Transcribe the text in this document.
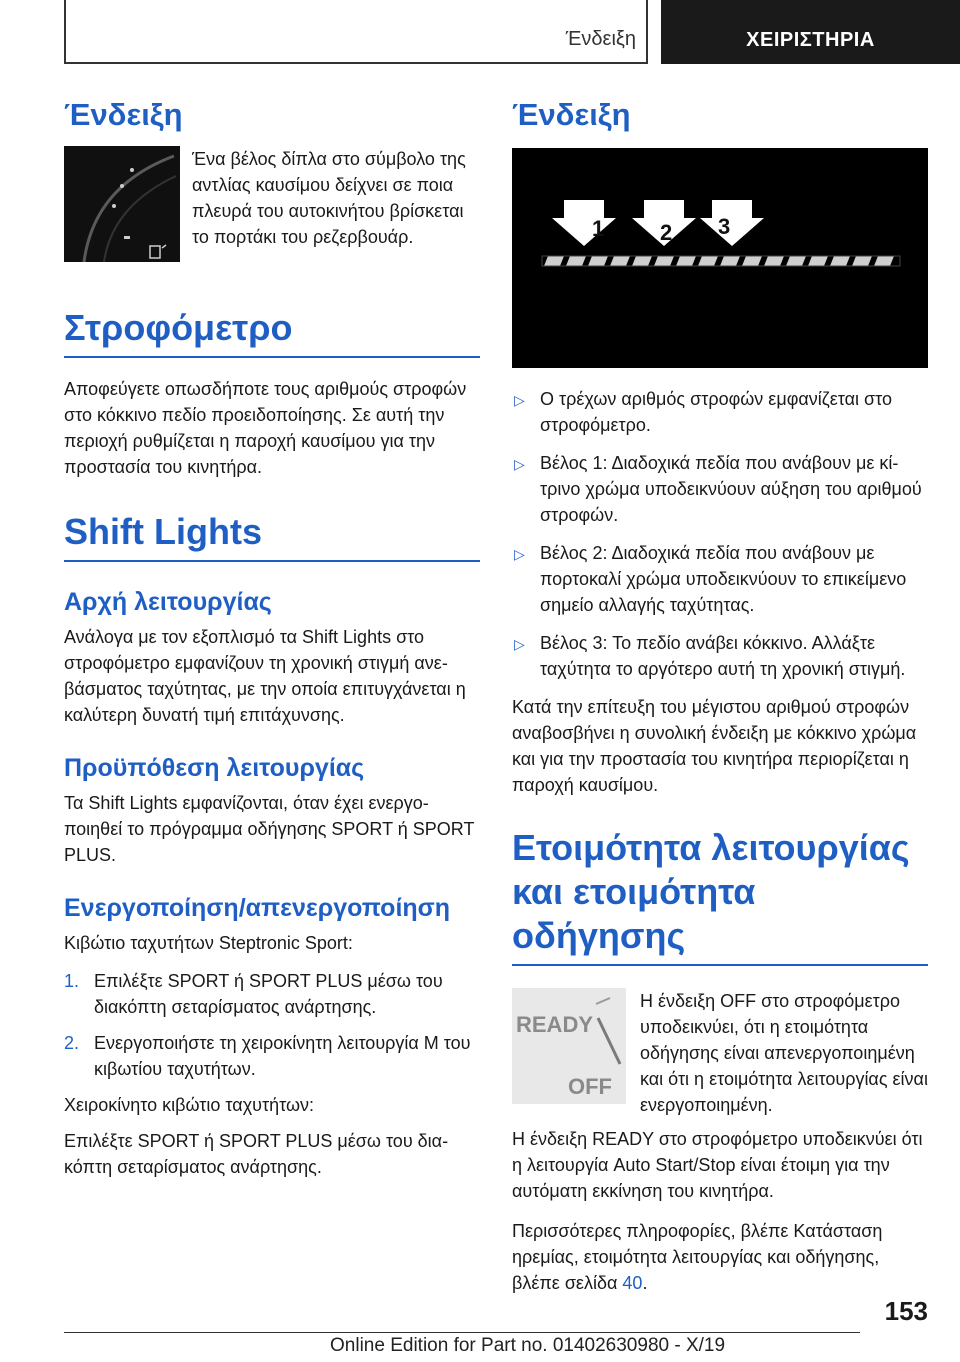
Ένδειξη	ΧΕΙΡΙΣΤΗΡΙΑ
Ένδειξη

Ένα βέλος δίπλα στο σύμβολο της αντλίας καυσίμου δείχνει σε ποια πλευρά του αυτοκινήτου βρίσκεται το πορτάκι του ρεζερβουάρ.

Στροφόμετρο

Αποφεύγετε οπωσδήποτε τους αριθμούς στροφών στο κόκκινο πεδίο προειδοποίησης. Σε αυτή την περιοχή ρυθμίζεται η παροχή καυσίμου για την προστασία του κινητήρα.

Shift Lights
Αρχή λειτουργίας

Ανάλογα με τον εξοπλισμό τα Shift Lights στο στροφόμετρο εμφανίζουν τη χρονική στιγμή ανεβάσματος ταχύτητας, με την οποία επιτυγχάνεται η καλύτερη δυνατή τιμή επιτάχυνσης.

Προϋπόθεση λειτουργίας

Τα Shift Lights εμφανίζονται, όταν έχει ενεργοποιηθεί το πρόγραμμα οδήγησης SPORT ή SPORT PLUS.

Ενεργοποίηση/απενεργοποίηση

Κιβώτιο ταχυτήτων Steptronic Sport:

1. Επιλέξτε SPORT ή SPORT PLUS μέσω του διακόπτη σεταρίσματος ανάρτησης.
2. Ενεργοποιήστε τη χειροκίνητη λειτουργία M του κιβωτίου ταχυτήτων.

Χειροκίνητο κιβώτιο ταχυτήτων:

Επιλέξτε SPORT ή SPORT PLUS μέσω του διακόπτη σεταρίσματος ανάρτησης.

Ένδειξη
1	2 3
▷ Ο τρέχων αριθμός στροφών εμφανίζεται στο στροφόμετρο.
▷ Βέλος 1: Διαδοχικά πεδία που ανάβουν με κίτρινο χρώμα υποδεικνύουν αύξηση του αριθμού στροφών.
▷ Βέλος 2: Διαδοχικά πεδία που ανάβουν με πορτοκαλί χρώμα υποδεικνύουν το επικείμενο σημείο αλλαγής ταχύτητας.
▷ Βέλος 3: Το πεδίο ανάβει κόκκινο. Αλλάξτε ταχύτητα το αργότερο αυτή τη χρονική στιγμή.

Κατά την επίτευξη του μέγιστου αριθμού στροφών αναβοσβήνει η συνολική ένδειξη με κόκκινο χρώμα και για την προστασία του κινητήρα περιορίζεται η παροχή καυσίμου.

Ετοιμότητα λειτουργίας
και ετοιμότητα οδήγησης
READY
OFF

Η ένδειξη OFF στο στροφόμετρο υποδεικνύει, ότι η ετοιμότητα οδήγησης είναι απενεργοποιημένη και ότι η ετοιμότητα λειτουργίας είναι ενεργοποιημένη.

Η ένδειξη READY στο στροφόμετρο υποδεικνύει ότι η λειτουργία Auto Start/Stop είναι έτοιμη για την αυτόματη εκκίνηση του κινητήρα.

Περισσότερες πληροφορίες, βλέπε Κατάσταση ηρεμίας, ετοιμότητα λειτουργίας και οδήγησης, βλέπε σελίδα 40.

153
Online Edition for Part no. 01402630980 - X/19
